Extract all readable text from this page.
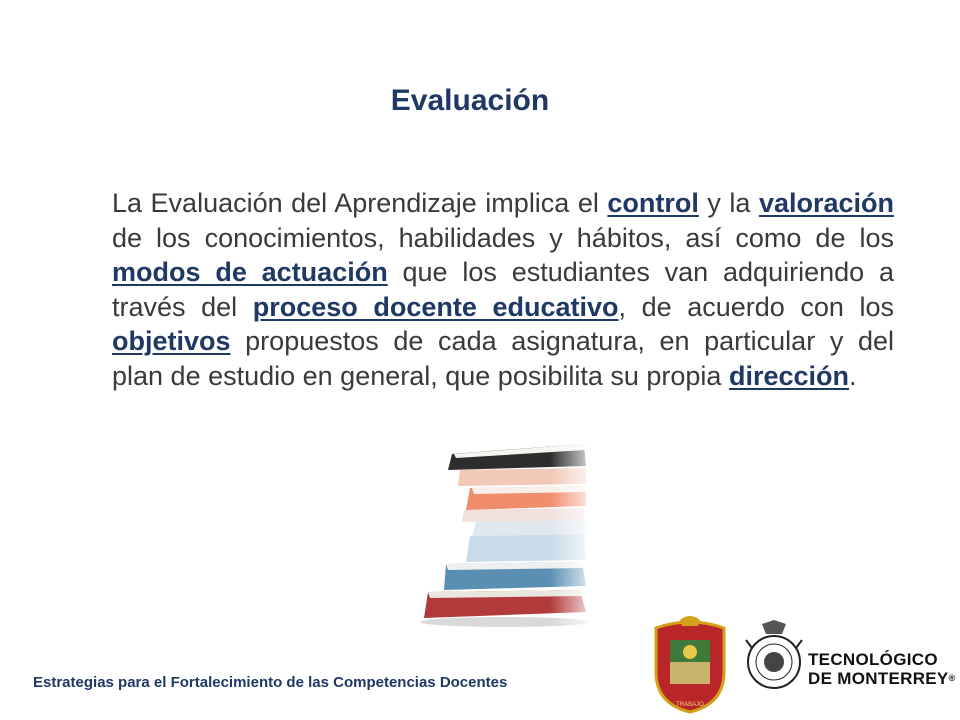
Evaluación

La Evaluación del Aprendizaje implica el control y la valoración de los conocimientos, habilidades y hábitos, así como de los modos de actuación que los estudiantes van adquiriendo a través del proceso docente educativo, de acuerdo con los objetivos propuestos de cada asignatura, en particular y del plan de estudio en general, que posibilita su propia dirección.

Estrategias para el Fortalecimiento de las Competencias Docentes
TRABAJO
TECNOLÓGICO
DE MONTERREY®
